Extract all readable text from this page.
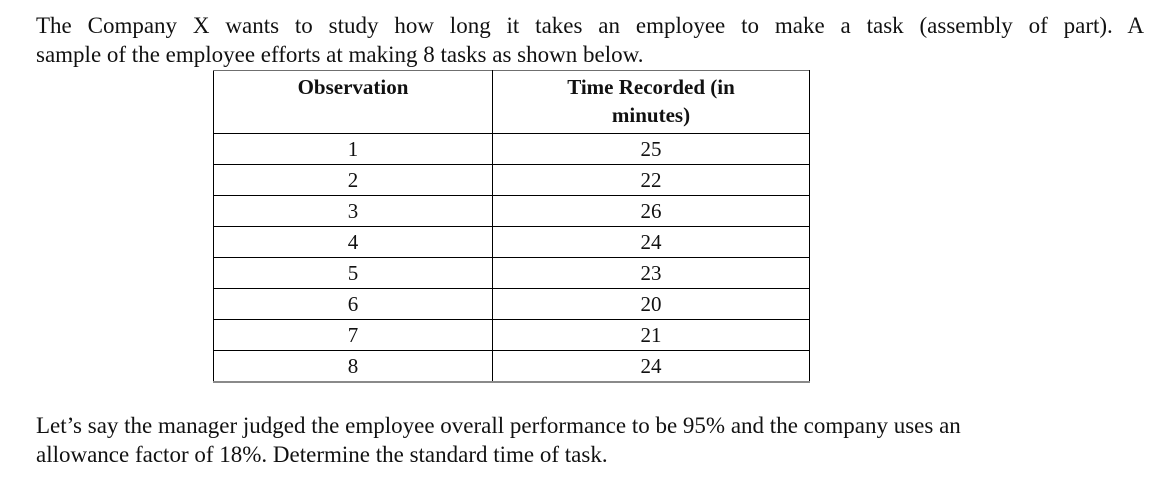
The Company X wants to study how long it takes an employee to make a task (assembly of part). A
sample of the employee efforts at making 8 tasks as shown below.

Observation	Time Recorded (in minutes)
1	25
2	22
3	26
4	24
5	23
6	20
7	21
8	24

Let’s say the manager judged the employee overall performance to be 95% and the company uses an
allowance factor of 18%. Determine the standard time of task.
